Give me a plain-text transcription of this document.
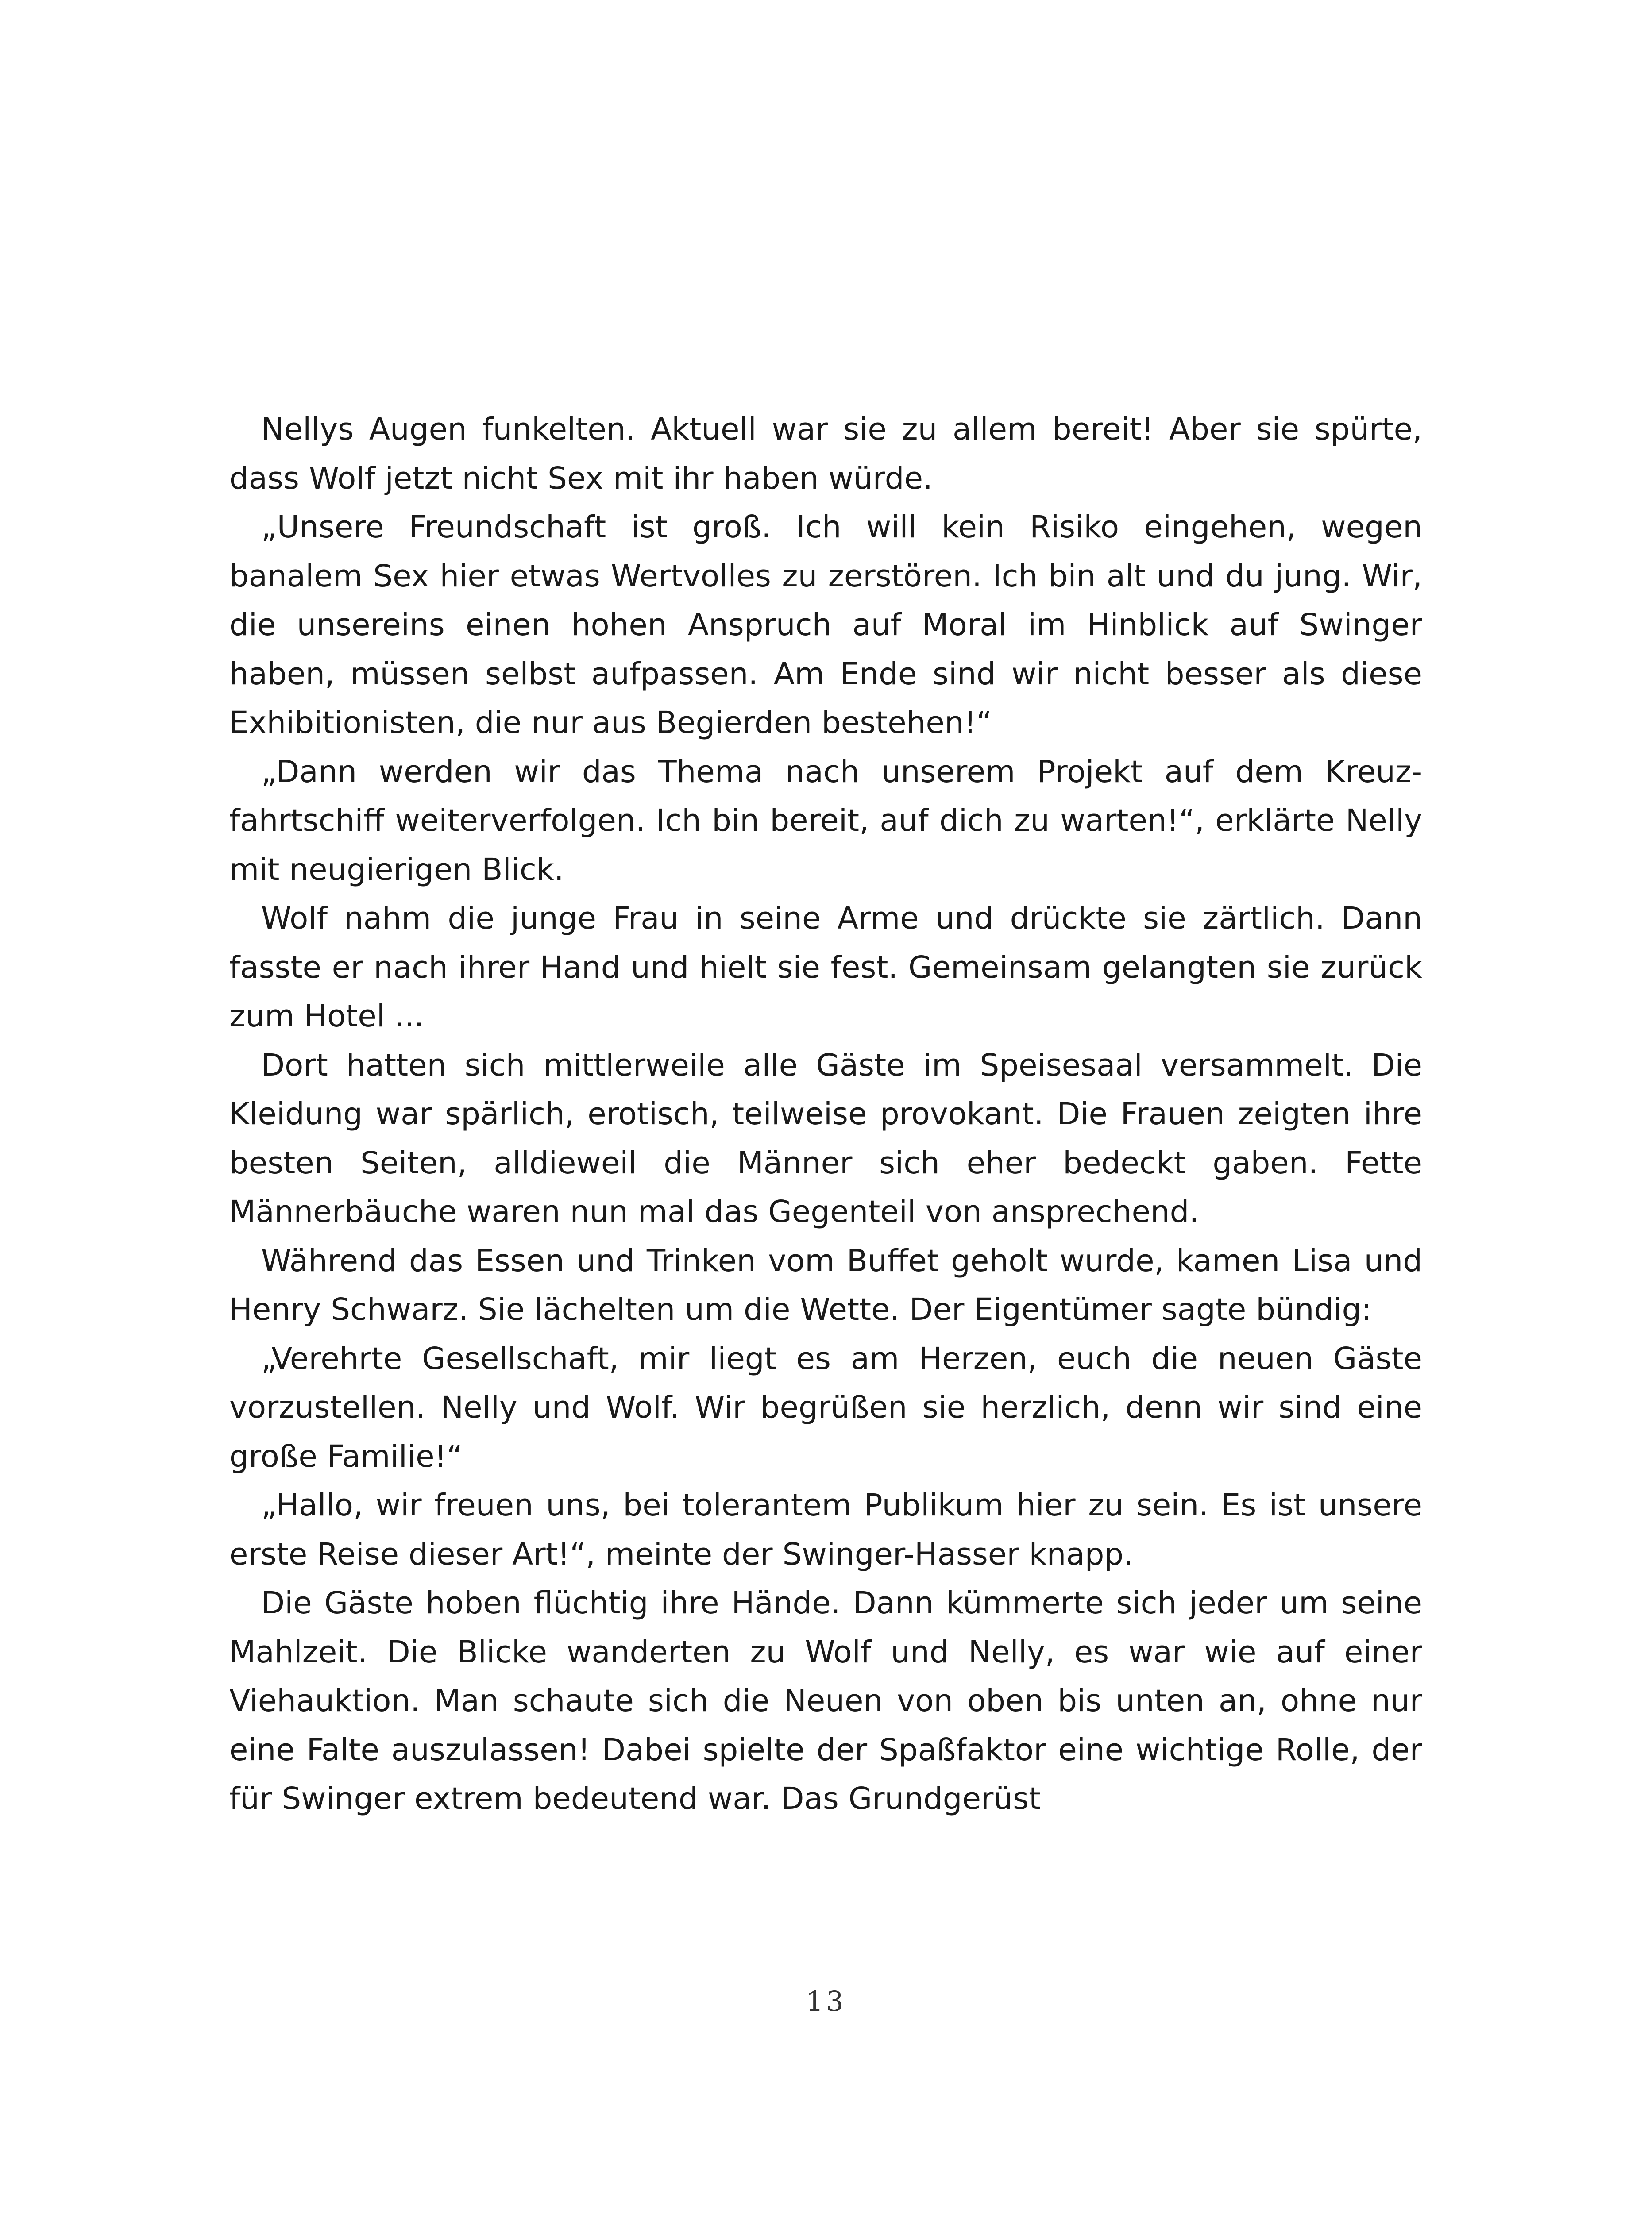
Nellys Augen funkelten. Aktuell war sie zu allem bereit! Aber sie spürte, dass Wolf jetzt nicht Sex mit ihr haben würde.

„Unsere Freundschaft ist groß. Ich will kein Risiko eingehen, wegen banalem Sex hier etwas Wertvolles zu zerstören. Ich bin alt und du jung. Wir, die unsereins einen hohen Anspruch auf Moral im Hinblick auf Swinger haben, müssen selbst aufpassen. Am Ende sind wir nicht besser als diese Exhibitionisten, die nur aus Begierden bestehen!“

„Dann werden wir das Thema nach unserem Projekt auf dem Kreuzfahrtschiff weiterverfolgen. Ich bin bereit, auf dich zu warten!“, erklärte Nelly mit neugierigen Blick.

Wolf nahm die junge Frau in seine Arme und drückte sie zärtlich. Dann fasste er nach ihrer Hand und hielt sie fest. Gemeinsam gelangten sie zurück zum Hotel ...

Dort hatten sich mittlerweile alle Gäste im Speisesaal versammelt. Die Kleidung war spärlich, erotisch, teilweise provokant. Die Frauen zeigten ihre besten Seiten, alldieweil die Männer sich eher bedeckt gaben. Fette Männerbäuche waren nun mal das Gegenteil von ansprechend.

Während das Essen und Trinken vom Buffet geholt wurde, kamen Lisa und Henry Schwarz. Sie lächelten um die Wette. Der Eigentümer sagte bündig:

„Verehrte Gesellschaft, mir liegt es am Herzen, euch die neuen Gäste vorzustellen. Nelly und Wolf. Wir begrüßen sie herzlich, denn wir sind eine große Familie!“

„Hallo, wir freuen uns, bei tolerantem Publikum hier zu sein. Es ist unsere erste Reise dieser Art!“, meinte der Swinger-Hasser knapp.

Die Gäste hoben flüchtig ihre Hände. Dann kümmerte sich jeder um seine Mahlzeit. Die Blicke wanderten zu Wolf und Nelly, es war wie auf einer Viehauktion. Man schaute sich die Neuen von oben bis unten an, ohne nur eine Falte auszulassen! Dabei spielte der Spaßfaktor eine wichtige Rolle, der für Swinger extrem bedeutend war. Das Grundgerüst

13
